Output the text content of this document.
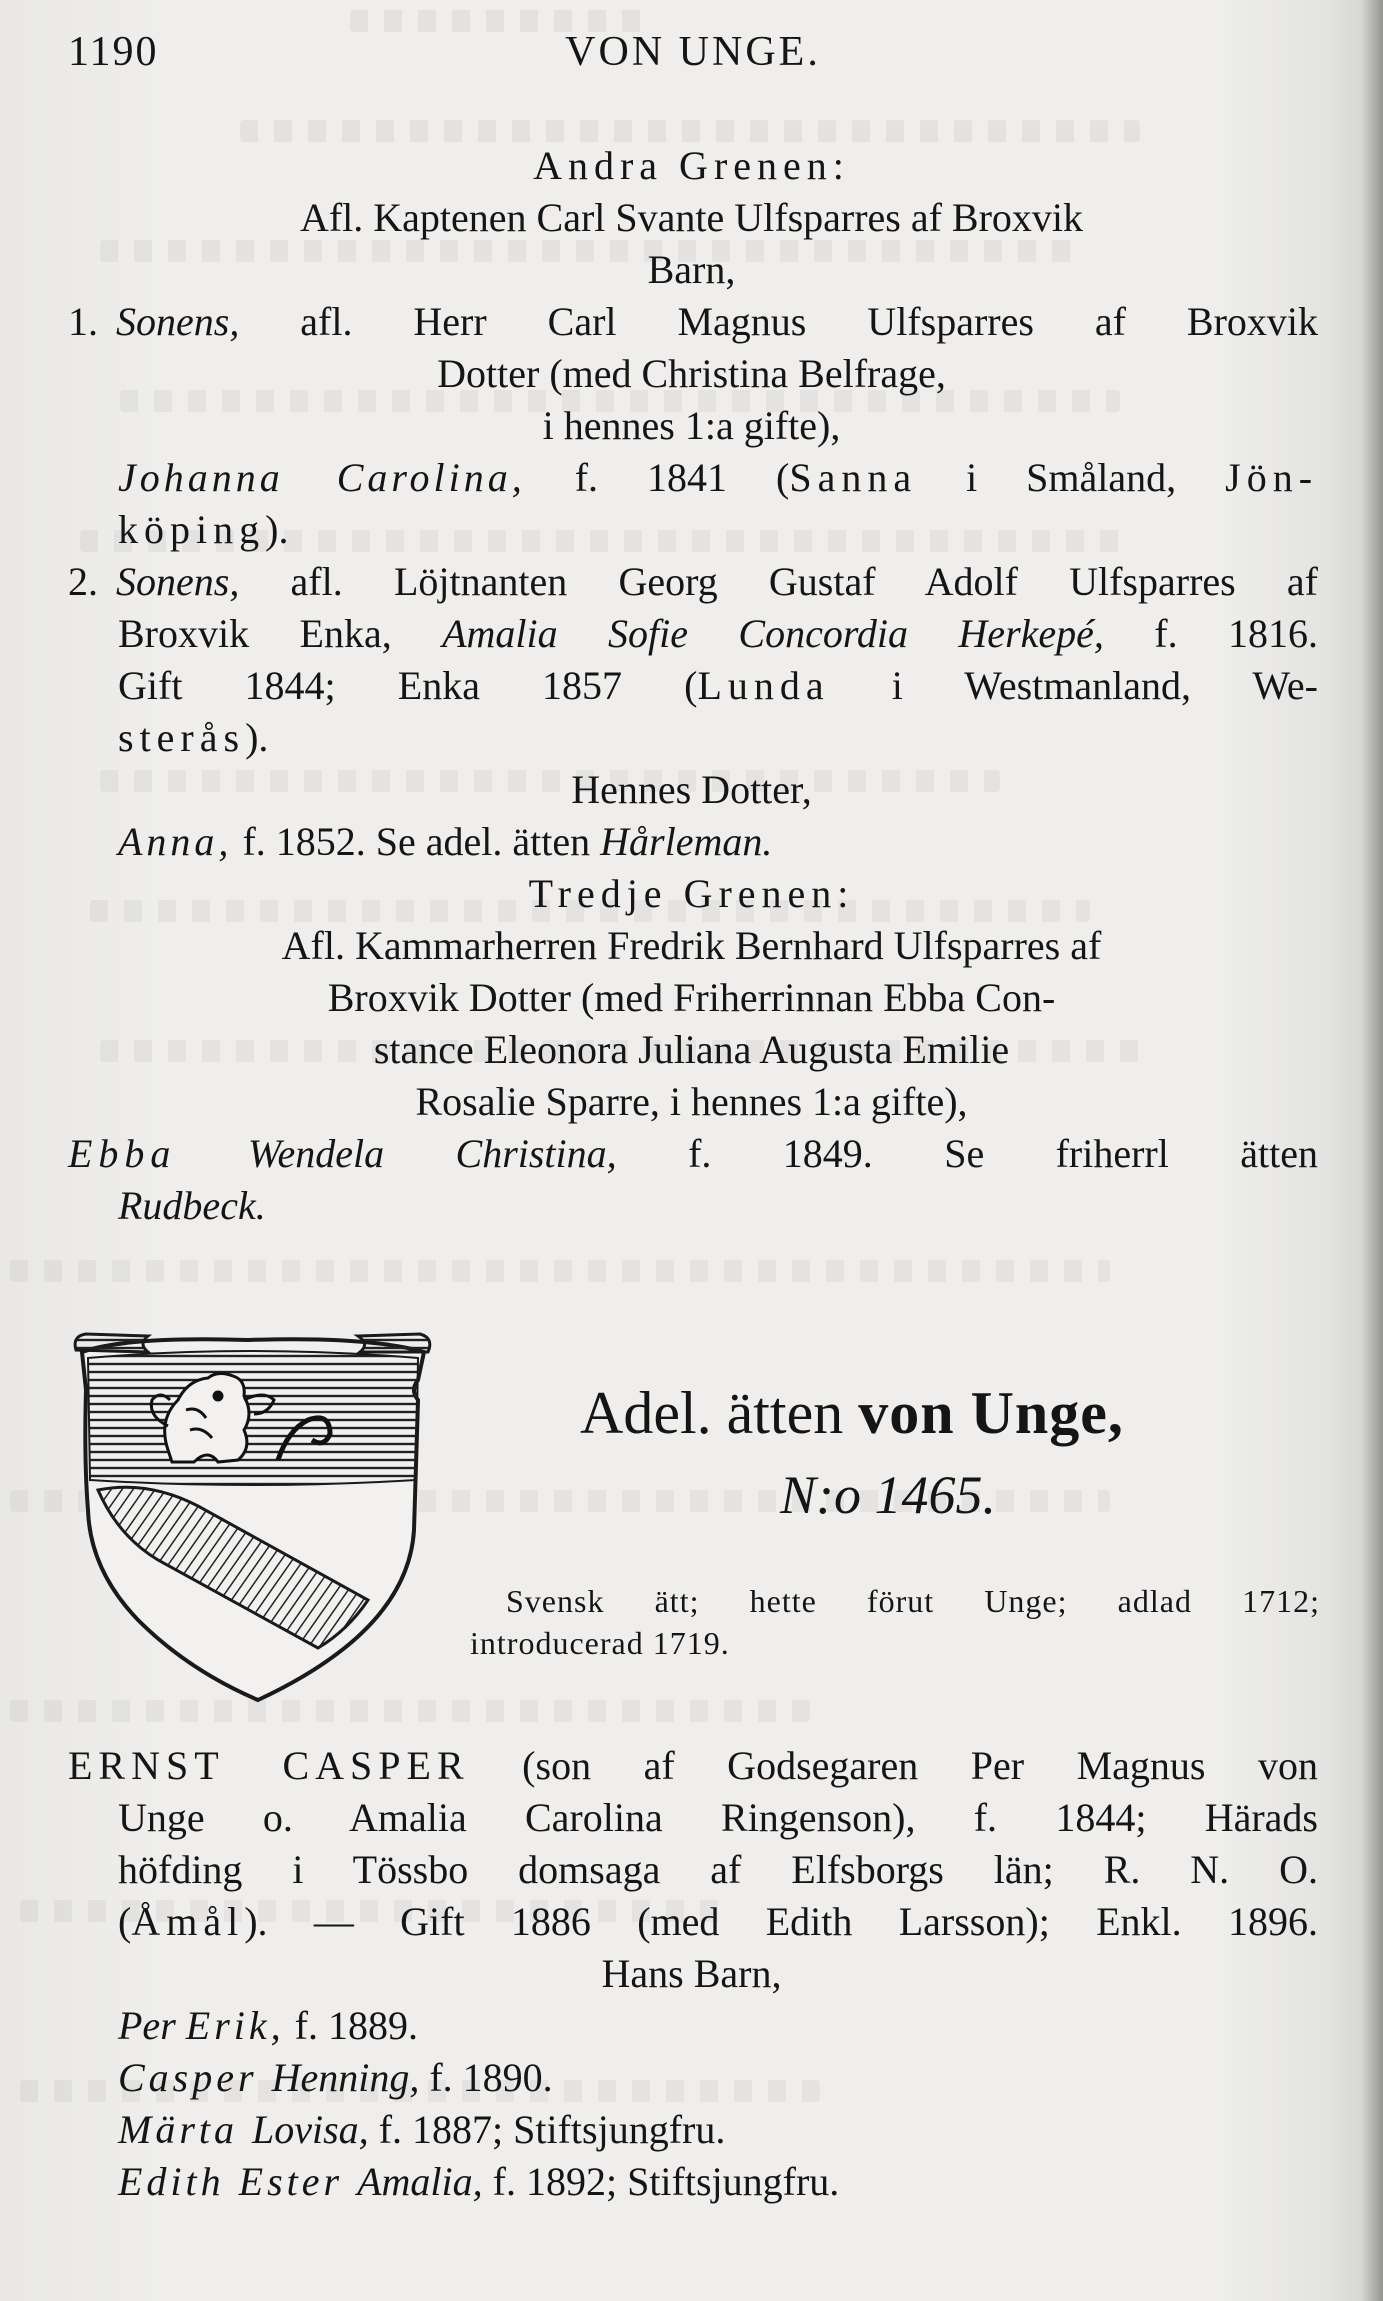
1190	VON UNGE.
Andra Grenen:
Afl. Kaptenen Carl Svante Ulfsparres af Broxvik
Barn,
1. Sonens, afl. Herr Carl Magnus Ulfsparres af Broxvik
Dotter (med Christina Belfrage,
i hennes 1:a gifte),
Johanna Carolina, f. 1841 (Sanna i Småland, Jön-
köping).
2. Sonens, afl. Löjtnanten Georg Gustaf Adolf Ulfsparres af
Broxvik Enka, Amalia Sofie Concordia Herkepé, f. 1816.
Gift 1844; Enka 1857 (Lunda i Westmanland, We-
sterås).
Hennes Dotter,
Anna, f. 1852. Se adel. ätten Hårleman.
Tredje Grenen:
Afl. Kammarherren Fredrik Bernhard Ulfsparres af
Broxvik Dotter (med Friherrinnan Ebba Con-
stance Eleonora Juliana Augusta Emilie
Rosalie Sparre, i hennes 1:a gifte),
Ebba Wendela Christina, f. 1849. Se friherrl ätten
Rudbeck.
Adel. ätten von Unge,
N:o 1465.
Svensk ätt; hette förut Unge; adlad 1712;
introducerad 1719.
ERNST CASPER (son af Godsegaren Per Magnus von
Unge o. Amalia Carolina Ringenson), f. 1844; Härads
höfding i Tössbo domsaga af Elfsborgs län; R. N. O.
(Åmål). — Gift 1886 (med Edith Larsson); Enkl. 1896.
Hans Barn,
Per Erik, f. 1889.
Casper Henning, f. 1890.
Märta Lovisa, f. 1887; Stiftsjungfru.
Edith Ester Amalia, f. 1892; Stiftsjungfru.
